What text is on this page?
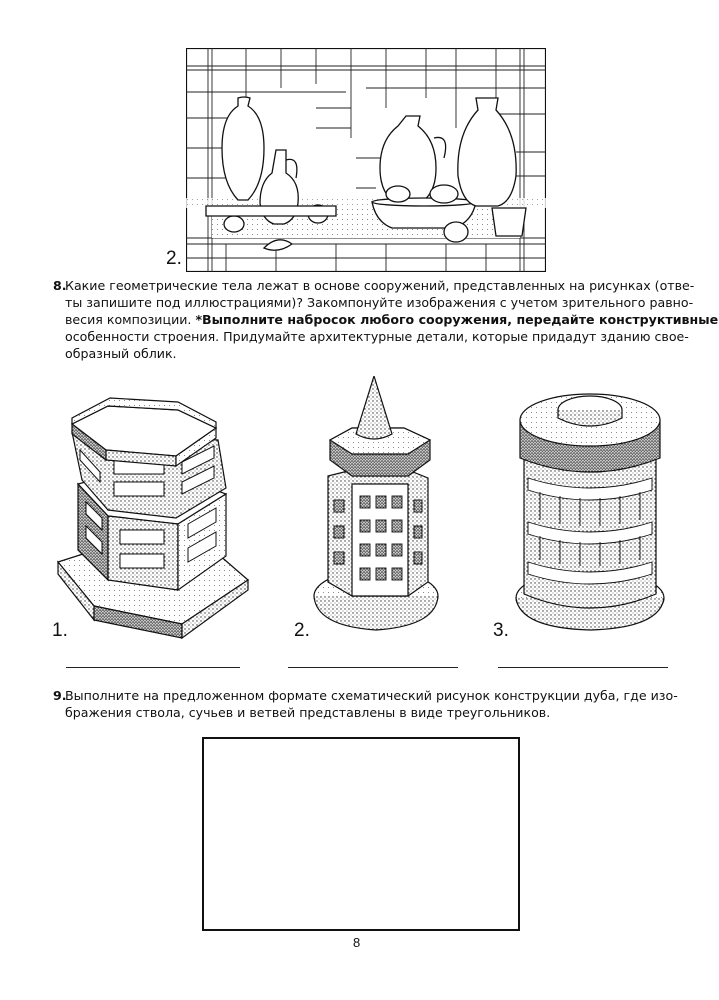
2.
8.
Какие геометрические тела лежат в основе сооружений, представленных на рисунках (отве-
ты запишите под иллюстрациями)? Закомпонуйте изображения с учетом зрительного равно-
весия композиции. *Выполните набросок любого сооружения, передайте конструктивные
особенности строения. Придумайте архитектурные детали, которые придадут зданию свое-
образный облик.
1.	2.	3.
9.
Выполните на предложенном формате схематический рисунок конструкции дуба, где изо-
бражения ствола, сучьев и ветвей представлены в виде треугольников.
8
